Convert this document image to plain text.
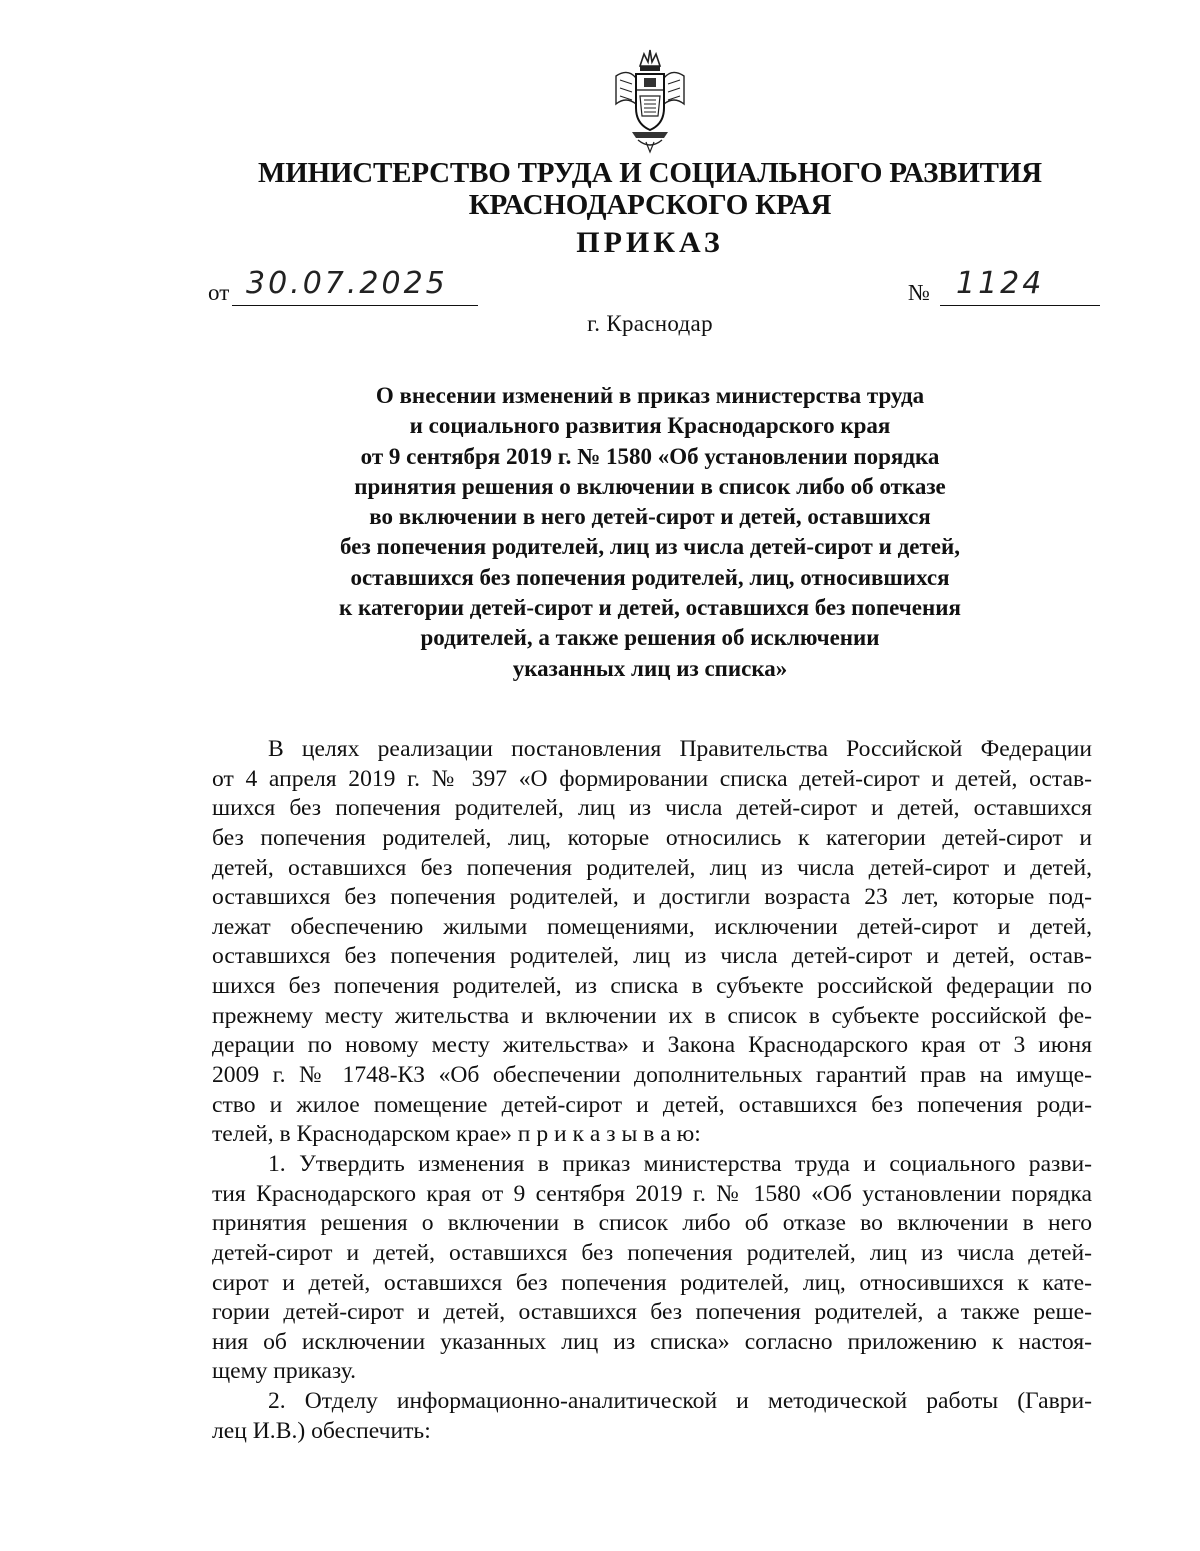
МИНИСТЕРСТВО ТРУДА И СОЦИАЛЬНОГО РАЗВИТИЯ
КРАСНОДАРСКОГО КРАЯ
ПРИКАЗ
от 30.07.2025	№ 1124
г. Краснодар
О внесении изменений в приказ министерства труда
и социального развития Краснодарского края
от 9 сентября 2019 г. № 1580 «Об установлении порядка
принятия решения о включении в список либо об отказе
во включении в него детей-сирот и детей, оставшихся
без попечения родителей, лиц из числа детей-сирот и детей,
оставшихся без попечения родителей, лиц, относившихся
к категории детей-сирот и детей, оставшихся без попечения
родителей, а также решения об исключении
указанных лиц из списка»
В целях реализации постановления Правительства Российской Федерации
от 4 апреля 2019 г. № 397 «О формировании списка детей-сирот и детей, остав-
шихся без попечения родителей, лиц из числа детей-сирот и детей, оставшихся
без попечения родителей, лиц, которые относились к категории детей-сирот и
детей, оставшихся без попечения родителей, лиц из числа детей-сирот и детей,
оставшихся без попечения родителей, и достигли возраста 23 лет, которые под-
лежат обеспечению жилыми помещениями, исключении детей-сирот и детей,
оставшихся без попечения родителей, лиц из числа детей-сирот и детей, остав-
шихся без попечения родителей, из списка в субъекте российской федерации по
прежнему месту жительства и включении их в список в субъекте российской фе-
дерации по новому месту жительства» и Закона Краснодарского края от 3 июня
2009 г. № 1748-КЗ «Об обеспечении дополнительных гарантий прав на имуще-
ство и жилое помещение детей-сирот и детей, оставшихся без попечения роди-
телей, в Краснодарском крае» п р и к а з ы в а ю:
1. Утвердить изменения в приказ министерства труда и социального разви-
тия Краснодарского края от 9 сентября 2019 г. № 1580 «Об установлении порядка
принятия решения о включении в список либо об отказе во включении в него
детей-сирот и детей, оставшихся без попечения родителей, лиц из числа детей-
сирот и детей, оставшихся без попечения родителей, лиц, относившихся к кате-
гории детей-сирот и детей, оставшихся без попечения родителей, а также реше-
ния об исключении указанных лиц из списка» согласно приложению к настоя-
щему приказу.
2. Отделу информационно-аналитической и методической работы (Гаври-
лец И.В.) обеспечить:
